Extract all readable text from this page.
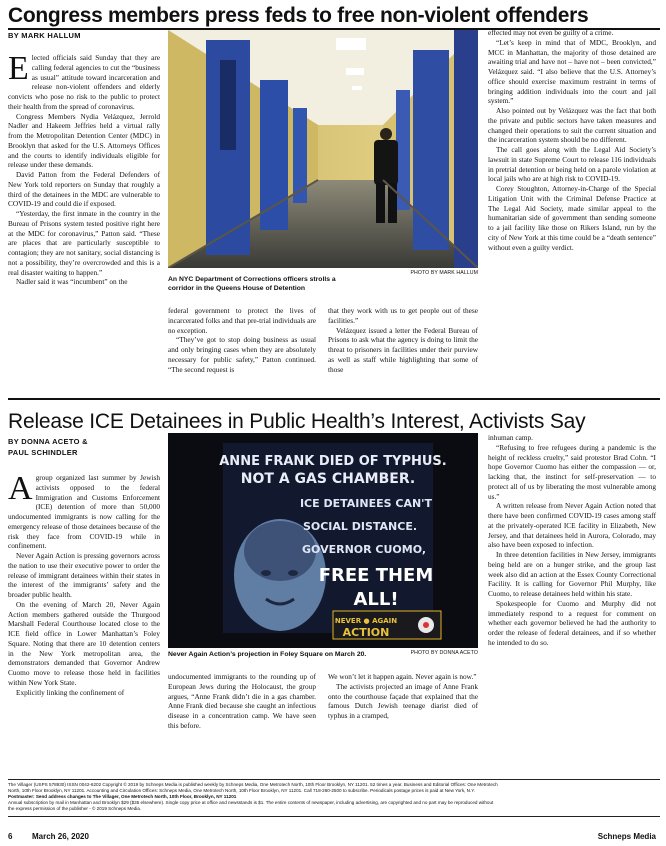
Congress members press feds to free non-violent offenders
BY MARK HALLUM

Elected officials said Sunday that they are calling federal agencies to cut the “business as usual” attitude toward incarceration and release non-violent offenders and elderly convicts who pose no risk to the public to protect their health from the spread of coronavirus.

Congress Members Nydia Velázquez, Jerrold Nadler and Hakeem Jeffries held a virtual rally from the Metropolitan Detention Center (MDC) in Brooklyn that asked for the U.S. Attorneys Offices and the courts to identify individuals eligible for release under these demands.

David Patton from the Federal Defenders of New York told reporters on Sunday that roughly a third of the detainees in the MDC are vulnerable to COVID-19 and could die if exposed.

“Yesterday, the first inmate in the country in the Bureau of Prisons system tested positive right here at the MDC for coronavirus,” Patton said. “These are places that are particularly susceptible to contagion; they are not sanitary, social distancing is not a possibility, they’re overcrowded and this is a real disaster waiting to happen.”

Nadler said it was “incumbent” on the

PHOTO BY MARK HALLUM
An NYC Department of Corrections officers strolls a corridor in the Queens House of Detention

federal government to protect the lives of incarcerated folks and that pre-trial individuals are no exception.

“They’ve got to stop doing business as usual and only bringing cases when they are absolutely necessary for public safety,” Patton continued. “The second request is

that they work with us to get people out of these facilities.”

Velázquez issued a letter the Federal Bureau of Prisons to ask what the agency is doing to limit the threat to prisoners in facilities under their purview as well as staff while highlighting that some of those

effected may not even be guilty of a crime.

“Let’s keep in mind that of MDC, Brooklyn, and MCC in Manhattan, the majority of those detained are awaiting trial and have not – have not – been convicted,” Velázquez said. “I also believe that the U.S. Attorney’s office should exercise maximum restraint in terms of bringing addition individuals into the court and jail system.”

Also pointed out by Velázquez was the fact that both the private and public sectors have taken measures and changed their operations to suit the current situation and the incarceration system should be no different.

The call goes along with the Legal Aid Society’s lawsuit in state Supreme Court to release 116 individuals in pretrial detention or being held on a parole violation at local jails who are at high risk to COVID-19.

Corey Stoughton, Attorney-in-Charge of the Special Litigation Unit with the Criminal Defense Practice at The Legal Aid Society, made similar appeal to the humanitarian side of government than sending someone to a jail facility like those on Rikers Island, run by the city of New York at this time could be a “death sentence” without even a guilty verdict.

Release ICE Detainees in Public Health’s Interest, Activists Say
BY DONNA ACETO &
PAUL SCHINDLER

Agroup organized last summer by Jewish activists opposed to the federal Immigration and Customs Enforcement (ICE) detention of more than 50,000 undocumented immigrants is now calling for the emergency release of those detainees because of the risk they face from COVID-19 while in confinement.

Never Again Action is pressing governors across the nation to use their executive power to order the release of immigrant detainees within their states in the interest of the immigrants’ safety and the broader public health.

On the evening of March 20, Never Again Action members gathered outside the Thurgood Marshall Federal Courthouse located close to the ICE field office in Lower Manhattan’s Foley Square. Noting that there are 10 detention centers in the New York metropolitan area, the demonstrators demanded that Governor Andrew Cuomo move to release those held in facilities within New York State.

Explicitly linking the confinement of

ANNE FRANK DIED OF TYPHUS.
NOT A GAS CHAMBER.
ICE DETAINEES CAN'T
SOCIAL DISTANCE.
GOVERNOR CUOMO,
FREE THEM
ALL!
NEVER ● AGAIN
ACTION
PHOTO BY DONNA ACETO
Never Again Action’s projection in Foley Square on March 20.

undocumented immigrants to the rounding up of European Jews during the Holocaust, the group argues, “Anne Frank didn’t die in a gas chamber. Anne Frank died because she caught an infectious disease in a concentration camp. We have seen this before.

We won’t let it happen again. Never again is now.”

The activists projected an image of Anne Frank onto the courthouse façade that explained that the famous Dutch Jewish teenage diarist died of typhus in a cramped,

inhuman camp.

“Refusing to free refugees during a pandemic is the height of reckless cruelty,” said protestor Brad Cohn. “I hope Governor Cuomo has either the compassion — or, lacking that, the instinct for self-preservation — to protect all of us by liberating the most vulnerable among us.”

A written release from Never Again Action noted that there have been confirmed COVID-19 cases among staff at the privately-operated ICE facility in Elizabeth, New Jersey, and that detainees held in Aurora, Colorado, may also have been exposed to infection.

In three detention facilities in New Jersey, immigrants being held are on a hunger strike, and the group last week also did an action at the Essex County Correctional Facility. It is calling for Governor Phil Murphy, like Cuomo, to release detainees held within his state.

Spokespeople for Cuomo and Murphy did not immediately respond to a request for comment on whether each governor believed he had the authority to order the release of federal detainees, and if so whether he intended to do so.

The Villager (USPS 578930) ISSN 0042-6202 Copyright © 2019 by Schneps Media is published weekly by Schneps Media, One Metrotech North, 10th Floor Brooklyn, NY 11201. 52 times a year. Business and Editorial Offices: One Metrotech
North, 10th Floor Brooklyn, NY 11201. Accounting and Circulation Offices: Schneps Media, One Metrotech North, 10th Floor Brooklyn, NY 11201. Call 718-260-2500 to subscribe. Periodicals postage prices is paid at New York, N.Y.
Postmaster: Send address changes to The Villager, One Metrotech North, 10th Floor, Brooklyn, NY 11201
Annual subscription by mail in Manhattan and Brooklyn $29 ($35 elsewhere). Single copy price at office and newsstands is $1. The entire contents of newspaper, including advertising, are copyrighted and no part may be reproduced without
the express permission of the publisher - © 2019 Schneps Media.
6 March 26, 2020	Schneps Media
